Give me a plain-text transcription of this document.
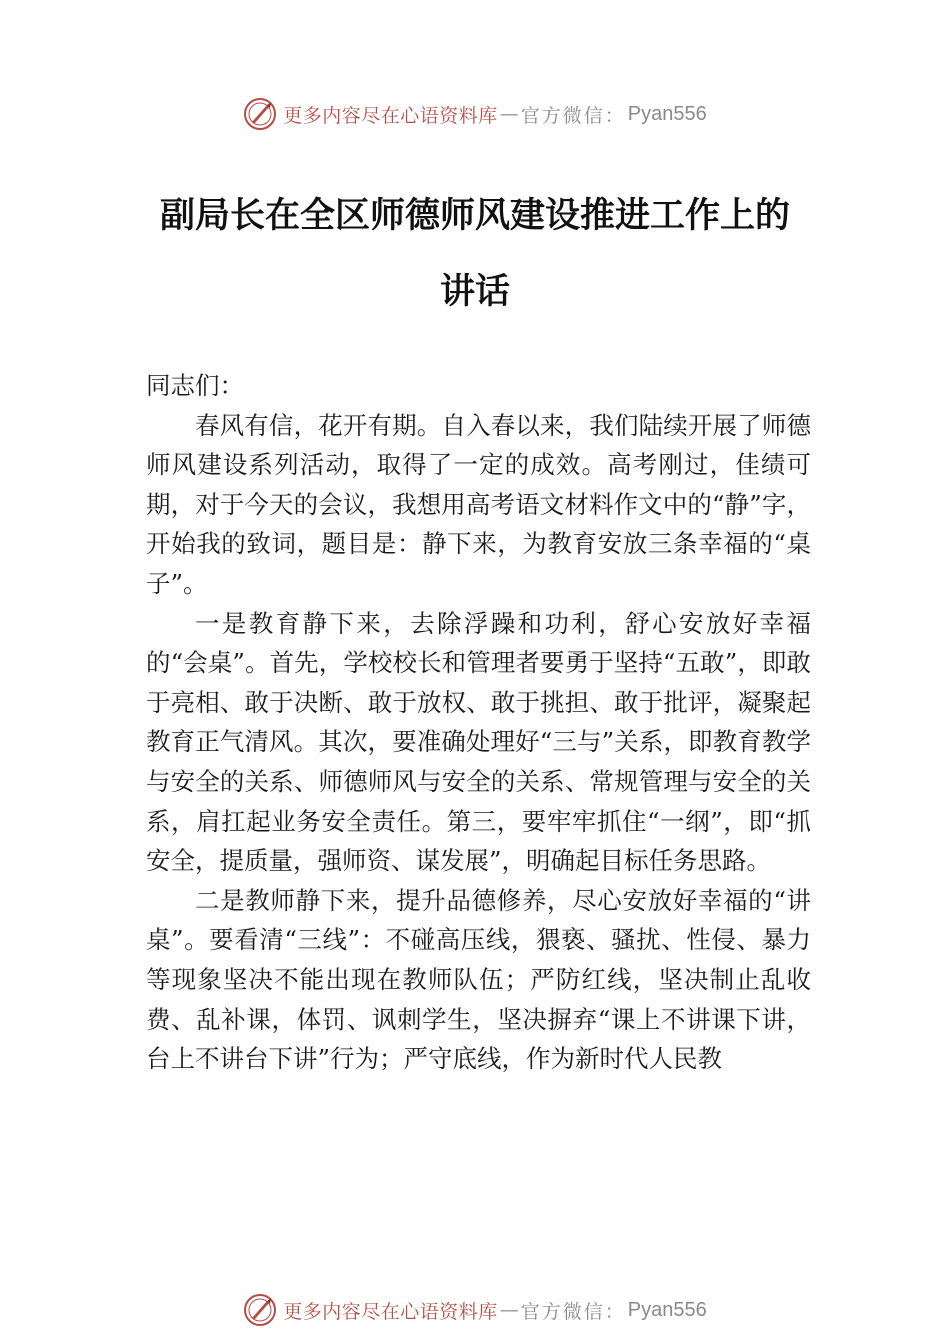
更多内容尽在心语资料库 — 官方微信： Pyan556
副局长在全区师德师风建设推进工作上的
讲话

同志们：

春风有信，花开有期。自入春以来，我们陆续开展了师德师风建设系列活动，取得了一定的成效。高考刚过，佳绩可期，对于今天的会议，我想用高考语文材料作文中的“静”字，开始我的致词，题目是：静下来，为教育安放三条幸福的“桌子”。

一是教育静下来，去除浮躁和功利，舒心安放好幸福的“会桌”。首先，学校校长和管理者要勇于坚持“五敢”，即敢于亮相、敢于决断、敢于放权、敢于挑担、敢于批评，凝聚起教育正气清风。其次，要准确处理好“三与”关系，即教育教学与安全的关系、师德师风与安全的关系、常规管理与安全的关系，肩扛起业务安全责任。第三，要牢牢抓住“一纲”，即“抓安全，提质量，强师资、谋发展”，明确起目标任务思路。

二是教师静下来，提升品德修养，尽心安放好幸福的“讲桌”。要看清“三线”：不碰高压线，猥亵、骚扰、性侵、暴力等现象坚决不能出现在教师队伍；严防红线，坚决制止乱收费、乱补课，体罚、讽刺学生，坚决摒弃“课上不讲课下讲，台上不讲台下讲”行为；严守底线，作为新时代人民教

更多内容尽在心语资料库 — 官方微信： Pyan556
